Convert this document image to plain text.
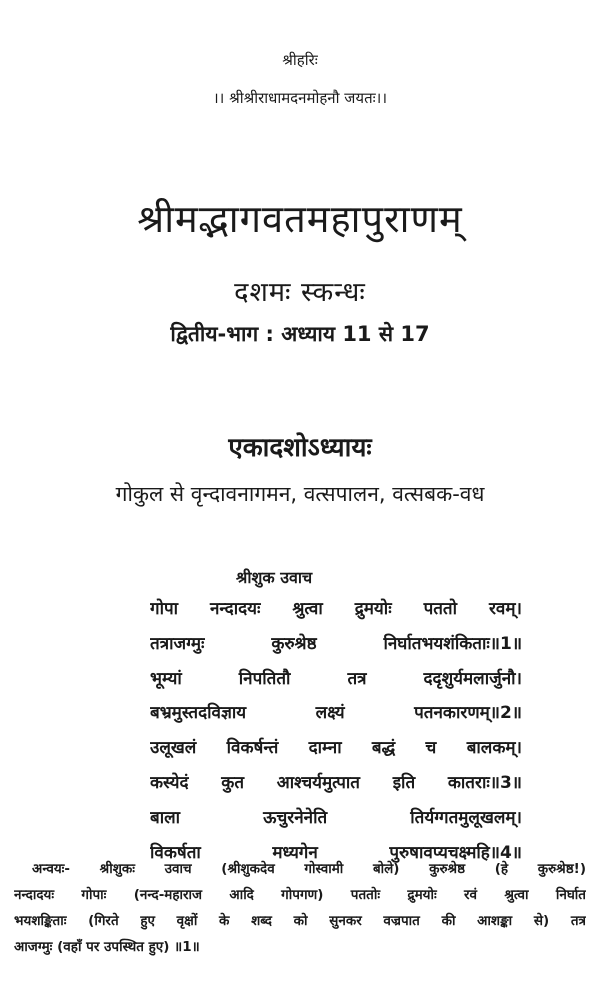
श्रीहरिः
।। श्रीश्रीराधामदनमोहनौ जयतः।।
श्रीमद्भागवतमहापुराणम्
दशमः स्कन्धः
द्वितीय-भाग : अध्याय 11 से 17
एकादशोऽध्यायः
गोकुल से वृन्दावनागमन, वत्सपालन, वत्सबक-वध
श्रीशुक उवाच
गोपा नन्दादयः श्रुत्वा द्रुमयोः पततो रवम्।
तत्राजग्मुः कुरुश्रेष्ठ निर्घातभयशंकिताः॥1॥
भूम्यां निपतितौ तत्र ददृशुर्यमलार्जुनौ।
बभ्रमुस्तदविज्ञाय लक्ष्यं पतनकारणम्॥2॥
उलूखलं विकर्षन्तं दाम्ना बद्धं च बालकम्।
कस्येदं कुत आश्चर्यमुत्पात इति कातराः॥3॥
बाला ऊचुरनेनेति तिर्यग्गतमुलूखलम्।
विकर्षता मध्यगेन पुरुषावप्यचक्ष्महि॥4॥
अन्वयः- श्रीशुकः उवाच (श्रीशुकदेव गोस्वामी बोले) कुरुश्रेष्ठ (हे कुरुश्रेष्ठ!)
नन्दादयः गोपाः (नन्द-महाराज आदि गोपगण) पततोः द्रुमयोः रवं श्रुत्वा निर्घात
भयशङ्किताः (गिरते हुए वृक्षों के शब्द को सुनकर वज्रपात की आशङ्का से) तत्र
आजग्मुः (वहाँ पर उपस्थित हुए) ॥1॥
